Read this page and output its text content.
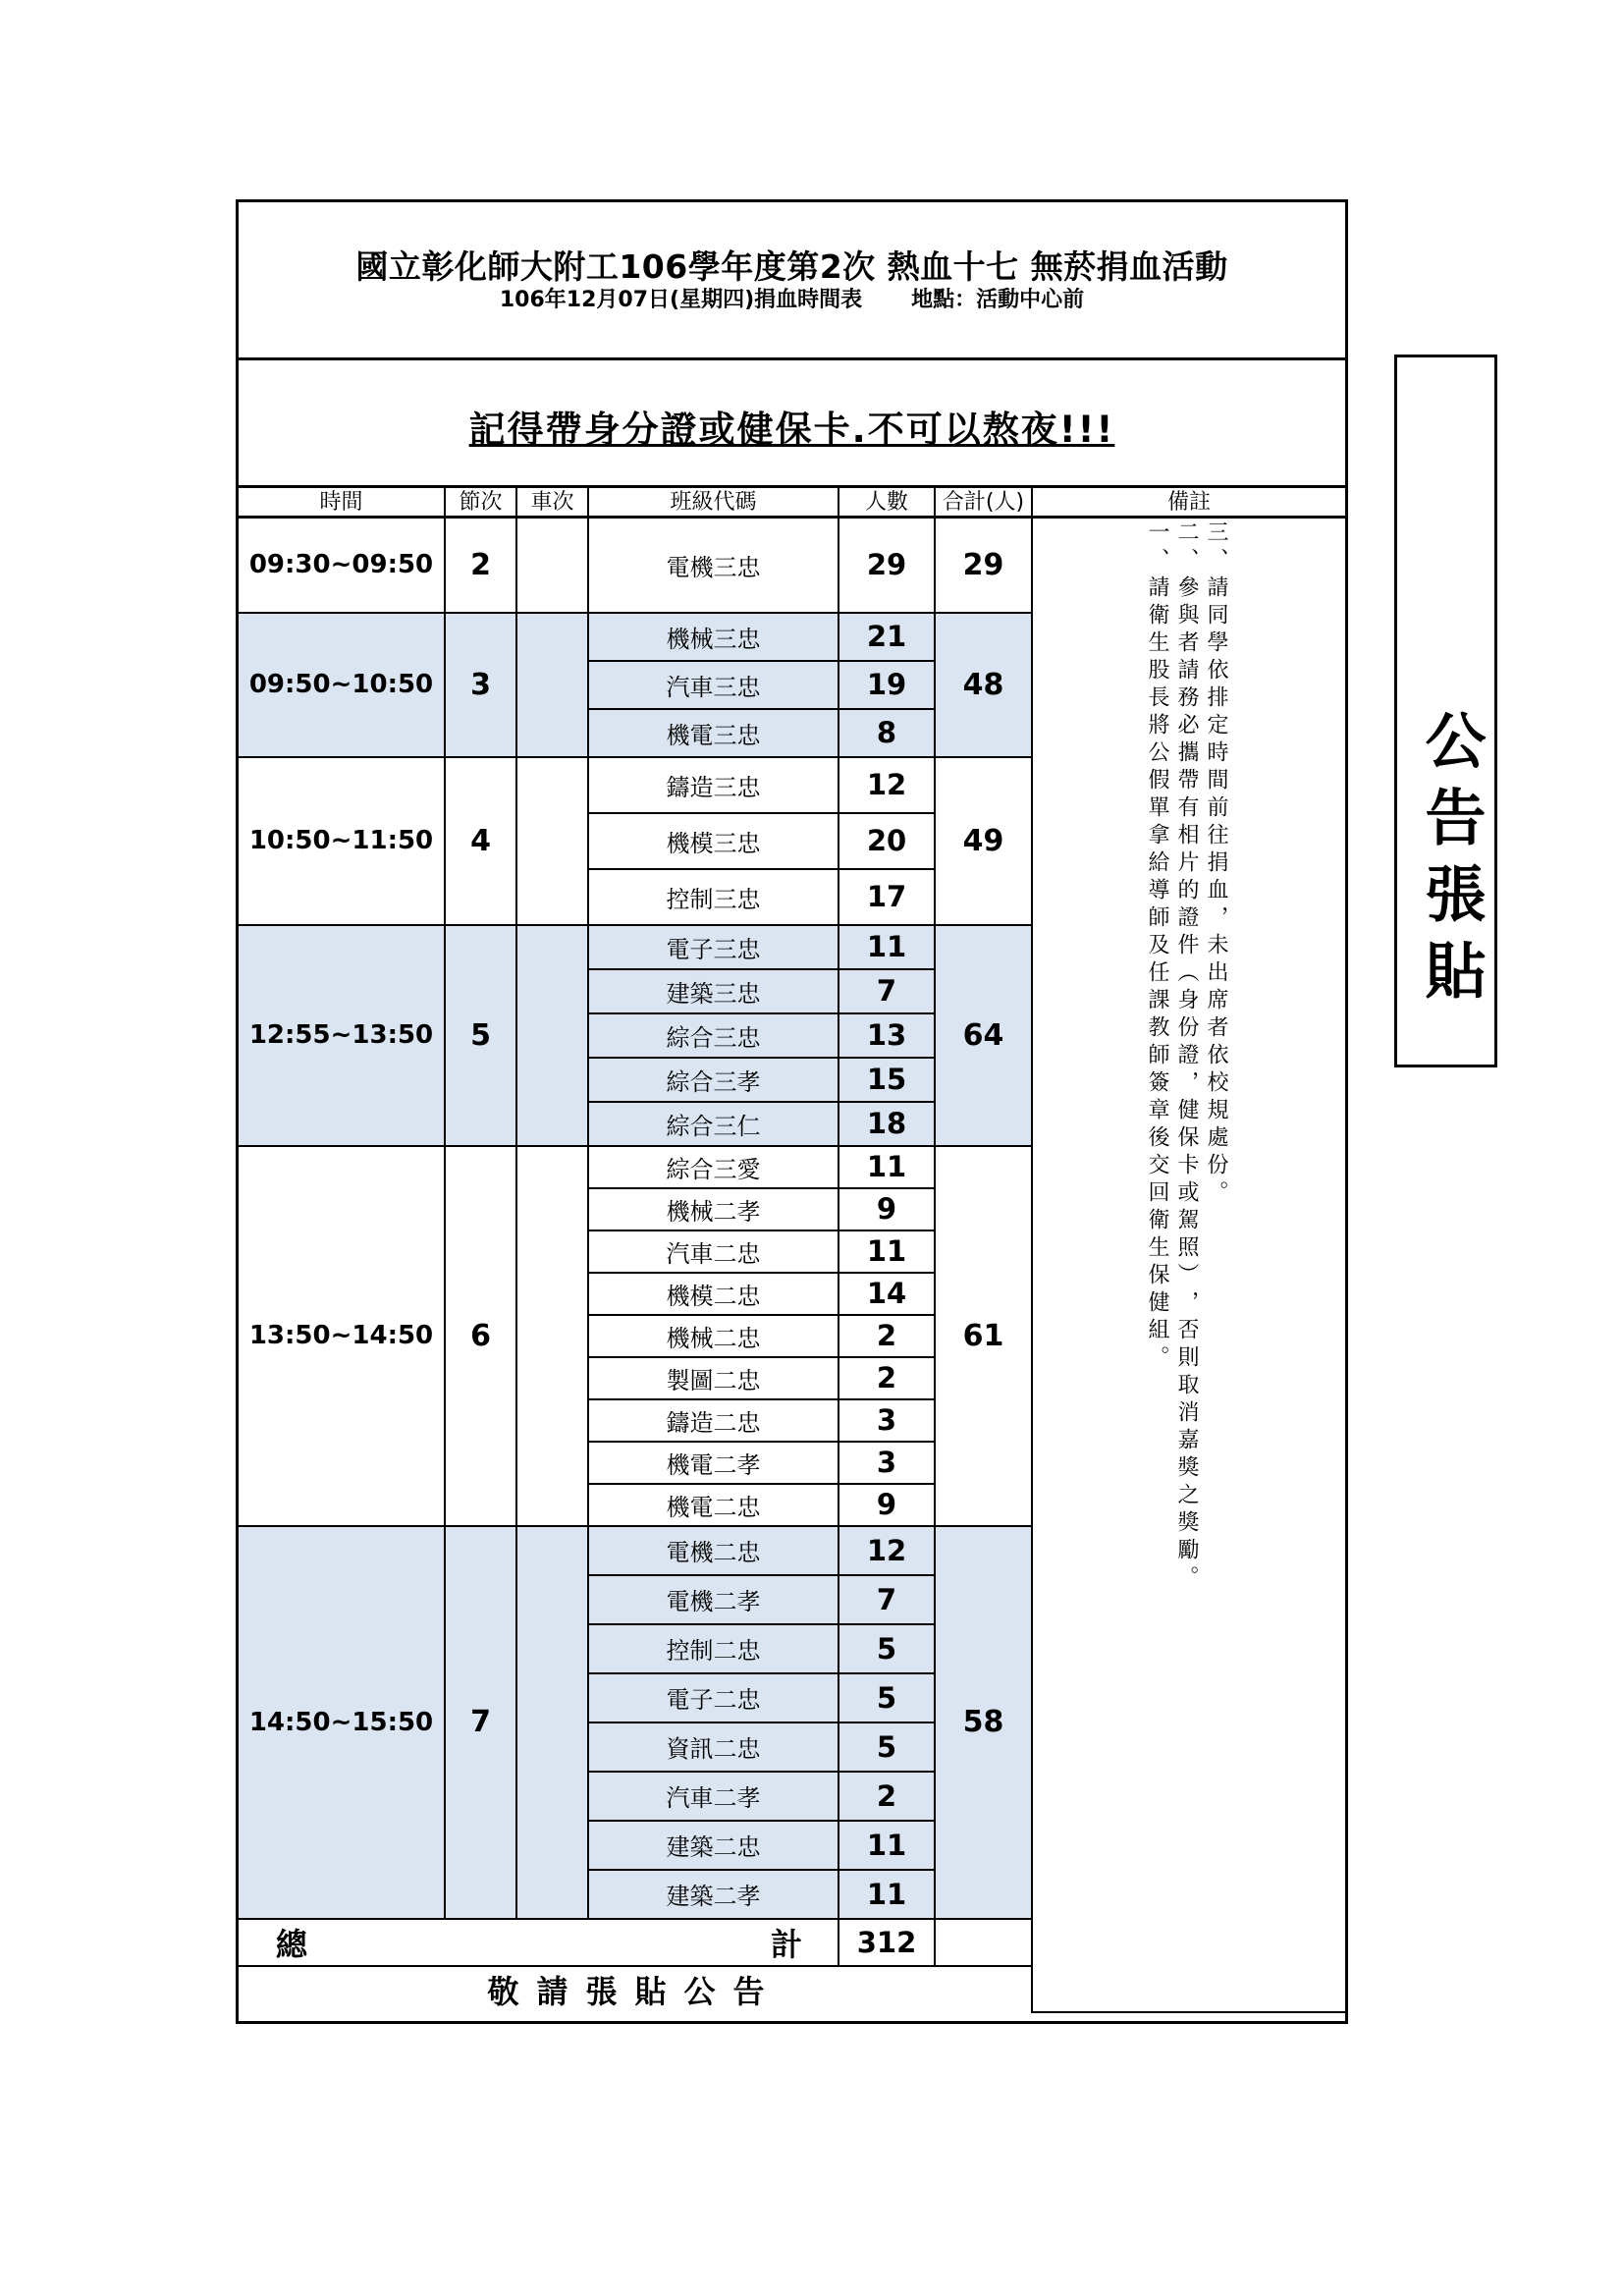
國立彰化師大附工106學年度第2次 熱血十七 無菸捐血活動
106年12月07日(星期四)捐血時間表 地點：活動中心前
記得帶身分證或健保卡.不可以熬夜!!!
時間	節次	車次	班級代碼	人數	合計(人)	備註
09:30~09:50	2		電機三忠	29	29	一、請衛生股長將公假單拿給導師及任課教師簽章後交回衛生保健組。 二、參與者請務必攜帶有相片的證件︵身份證，健保卡或駕照︶，否則取消嘉獎之獎勵。 三、請同學依排定時間前往捐血，未出席者依校規處份。

09:50~10:50	3		機械三忠	21	48	
			汽車三忠	19		
			機電三忠	8		
10:50~11:50	4		鑄造三忠	12	49	
			機模三忠	20		
			控制三忠	17		
12:55~13:50	5		電子三忠	11	64	
			建築三忠	7		
			綜合三忠	13		
			綜合三孝	15		
			綜合三仁	18		
13:50~14:50	6		綜合三愛	11	61	
			機械二孝	9		
			汽車二忠	11		
			機模二忠	14		
			機械二忠	2		
			製圖二忠	2		
			鑄造二忠	3		
			機電二孝	3		
			機電二忠	9		
14:50~15:50	7		電機二忠	12	58	
			電機二孝	7		
			控制二忠	5		
			電子二忠	5		
			資訊二忠	5		
			汽車二孝	2		
			建築二忠	11		
			建築二孝	11		

總 計				312		
敬請張貼公告						
公告張貼
